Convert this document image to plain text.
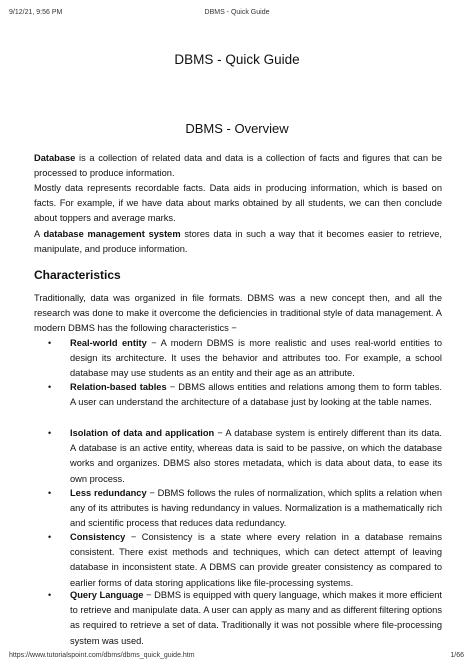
9/12/21, 9:56 PM	DBMS - Quick Guide
DBMS - Quick Guide
DBMS - Overview

Database is a collection of related data and data is a collection of facts and figures that can be processed to produce information.

Mostly data represents recordable facts. Data aids in producing information, which is based on facts. For example, if we have data about marks obtained by all students, we can then conclude about toppers and average marks.

A database management system stores data in such a way that it becomes easier to retrieve, manipulate, and produce information.

Characteristics

Traditionally, data was organized in file formats. DBMS was a new concept then, and all the research was done to make it overcome the deficiencies in traditional style of data management. A modern DBMS has the following characteristics −

• Real-world entity − A modern DBMS is more realistic and uses real-world entities to design its architecture. It uses the behavior and attributes too. For example, a school database may use students as an entity and their age as an attribute.
• Relation-based tables − DBMS allows entities and relations among them to form tables. A user can understand the architecture of a database just by looking at the table names.
• Isolation of data and application − A database system is entirely different than its data. A database is an active entity, whereas data is said to be passive, on which the database works and organizes. DBMS also stores metadata, which is data about data, to ease its own process.
• Less redundancy − DBMS follows the rules of normalization, which splits a relation when any of its attributes is having redundancy in values. Normalization is a mathematically rich and scientific process that reduces data redundancy.
• Consistency − Consistency is a state where every relation in a database remains consistent. There exist methods and techniques, which can detect attempt of leaving database in inconsistent state. A DBMS can provide greater consistency as compared to earlier forms of data storing applications like file-processing systems.
• Query Language − DBMS is equipped with query language, which makes it more efficient to retrieve and manipulate data. A user can apply as many and as different filtering options as required to retrieve a set of data. Traditionally it was not possible where file-processing system was used.
https://www.tutorialspoint.com/dbms/dbms_quick_guide.htm	1/66
